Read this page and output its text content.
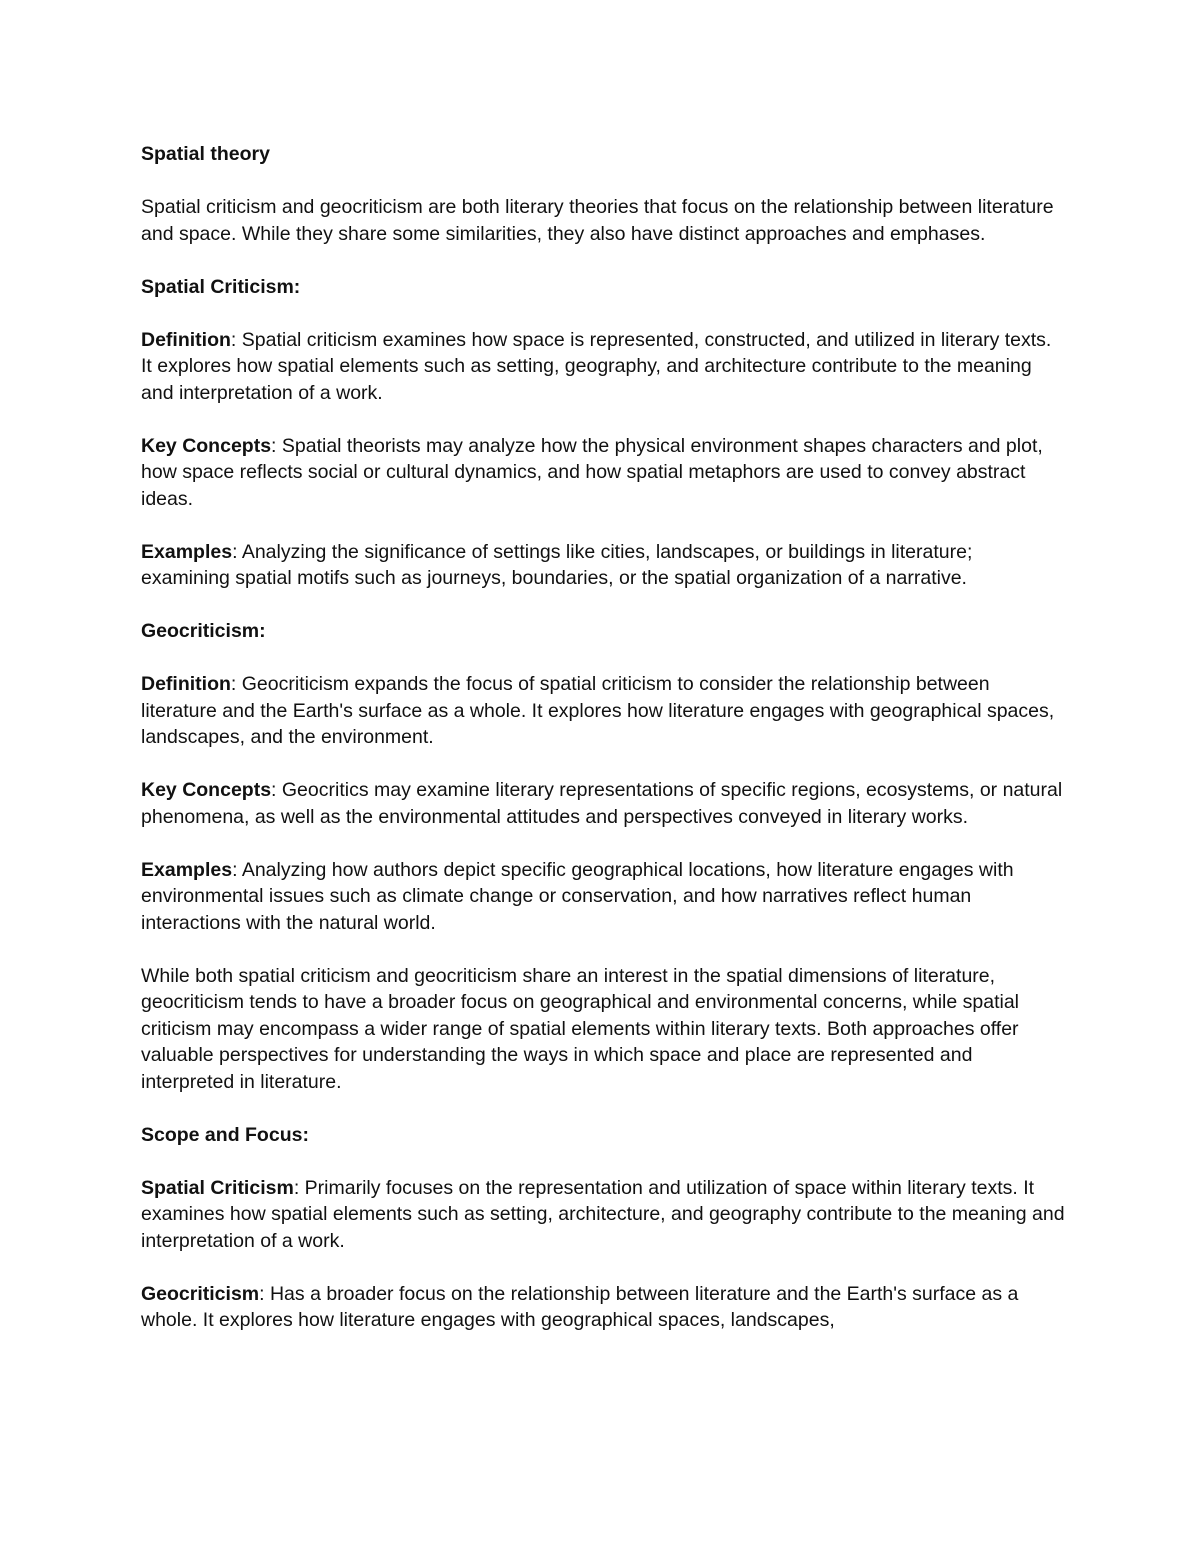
Spatial theory

Spatial criticism and geocriticism are both literary theories that focus on the relationship between literature and space. While they share some similarities, they also have distinct approaches and emphases.

Spatial Criticism:

Definition: Spatial criticism examines how space is represented, constructed, and utilized in literary texts. It explores how spatial elements such as setting, geography, and architecture contribute to the meaning and interpretation of a work.

Key Concepts: Spatial theorists may analyze how the physical environment shapes characters and plot, how space reflects social or cultural dynamics, and how spatial metaphors are used to convey abstract ideas.

Examples: Analyzing the significance of settings like cities, landscapes, or buildings in literature; examining spatial motifs such as journeys, boundaries, or the spatial organization of a narrative.

Geocriticism:

Definition: Geocriticism expands the focus of spatial criticism to consider the relationship between literature and the Earth's surface as a whole. It explores how literature engages with geographical spaces, landscapes, and the environment.

Key Concepts: Geocritics may examine literary representations of specific regions, ecosystems, or natural phenomena, as well as the environmental attitudes and perspectives conveyed in literary works.

Examples: Analyzing how authors depict specific geographical locations, how literature engages with environmental issues such as climate change or conservation, and how narratives reflect human interactions with the natural world.

While both spatial criticism and geocriticism share an interest in the spatial dimensions of literature, geocriticism tends to have a broader focus on geographical and environmental concerns, while spatial criticism may encompass a wider range of spatial elements within literary texts. Both approaches offer valuable perspectives for understanding the ways in which space and place are represented and interpreted in literature.

Scope and Focus:

Spatial Criticism: Primarily focuses on the representation and utilization of space within literary texts. It examines how spatial elements such as setting, architecture, and geography contribute to the meaning and interpretation of a work.

Geocriticism: Has a broader focus on the relationship between literature and the Earth's surface as a whole. It explores how literature engages with geographical spaces, landscapes,
